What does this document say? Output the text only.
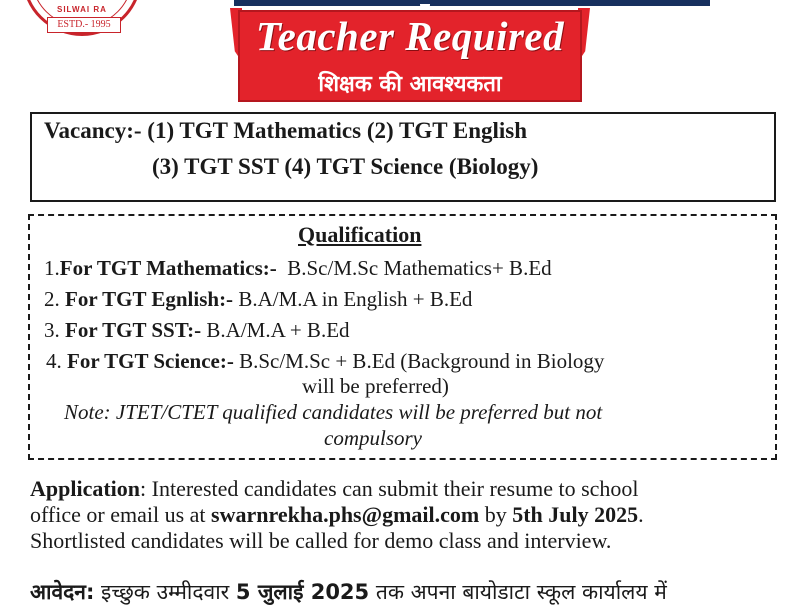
SILWAI RA
ESTD.- 1995	Teacher Required
शिक्षक की आवश्यकता
Vacancy:- (1) TGT Mathematics (2) TGT English
(3) TGT SST (4) TGT Science (Biology)
Qualification
1.For TGT Mathematics:- B.Sc/M.Sc Mathematics+ B.Ed
2. For TGT Egnlish:- B.A/M.A in English + B.Ed
3. For TGT SST:- B.A/M.A + B.Ed
4. For TGT Science:- B.Sc/M.Sc + B.Ed (Background in Biology
will be preferred)
Note: JTET/CTET qualified candidates will be preferred but not
compulsory
Application: Interested candidates can submit their resume to school
office or email us at swarnrekha.phs@gmail.com by 5th July 2025.
Shortlisted candidates will be called for demo class and interview.
आवेदन: इच्छुक उम्मीदवार 5 जुलाई 2025 तक अपना बायोडाटा स्कूल कार्यालय में
